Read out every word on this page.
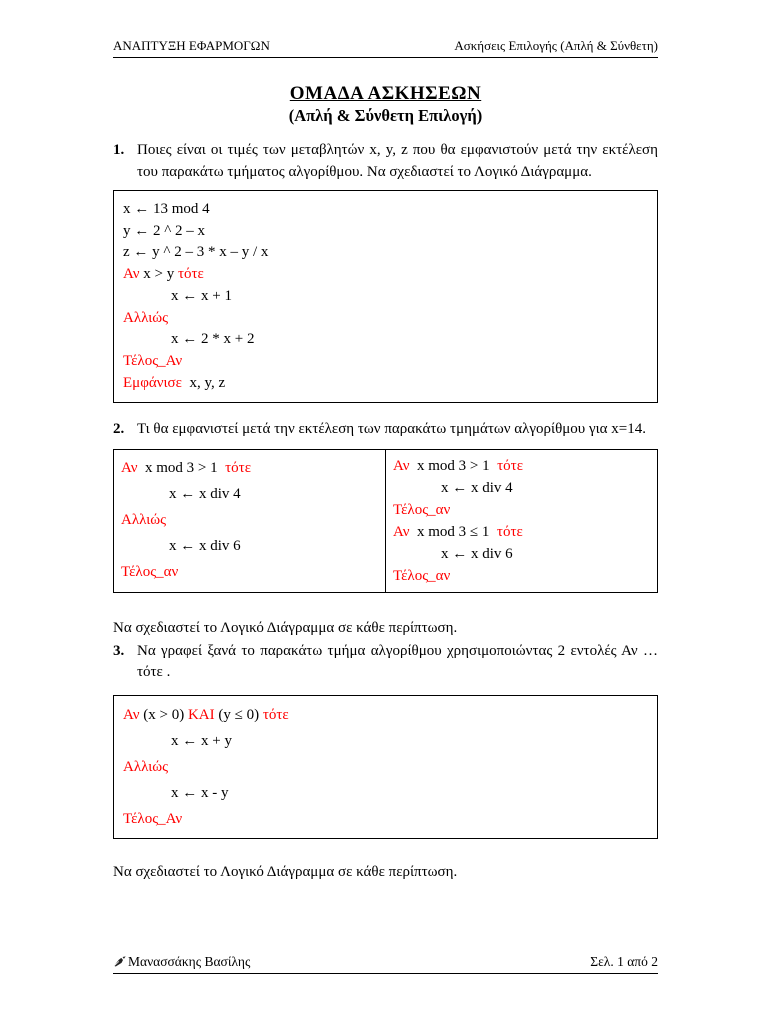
ΑΝΑΠΤΥΞΗ ΕΦΑΡΜΟΓΩΝ	Ασκήσεις Επιλογής (Απλή & Σύνθετη)
ΟΜΑΔΑ ΑΣΚΗΣΕΩΝ
(Απλή & Σύνθετη Επιλογή)
1. Ποιες είναι οι τιμές των μεταβλητών x, y, z που θα εμφανιστούν μετά την εκτέλεση του παρακάτω τμήματος αλγορίθμου. Να σχεδιαστεί το Λογικό Διάγραμμα.
x ← 13 mod 4
y ← 2 ^ 2 – x
z ← y ^ 2 – 3 * x – y / x
Αν x > y τότε
x ← x + 1
Αλλιώς
x ← 2 * x + 2
Τέλος_Αν
Εμφάνισε  x, y, z
2. Τι θα εμφανιστεί μετά την εκτέλεση των παρακάτω τμημάτων αλγορίθμου για x=14.
Αν  x mod 3 > 1  τότε
x ← x div 4
Αλλιώς
x ← x div 6
Τέλος_αν
Αν  x mod 3 > 1  τότε
x ← x div 4
Τέλος_αν
Αν  x mod 3 ≤ 1  τότε
x ← x div 6
Τέλος_αν
Να σχεδιαστεί το Λογικό Διάγραμμα σε κάθε περίπτωση.
3. Να γραφεί ξανά το παρακάτω τμήμα αλγορίθμου χρησιμοποιώντας 2 εντολές Αν … τότε .
Αν (x > 0) ΚΑΙ (y ≤ 0) τότε
x ← x + y
Αλλιώς
x ← x - y
Τέλος_Αν
Να σχεδιαστεί το Λογικό Διάγραμμα σε κάθε περίπτωση.
Μανασσάκης Βασίλης	Σελ. 1 από 2
